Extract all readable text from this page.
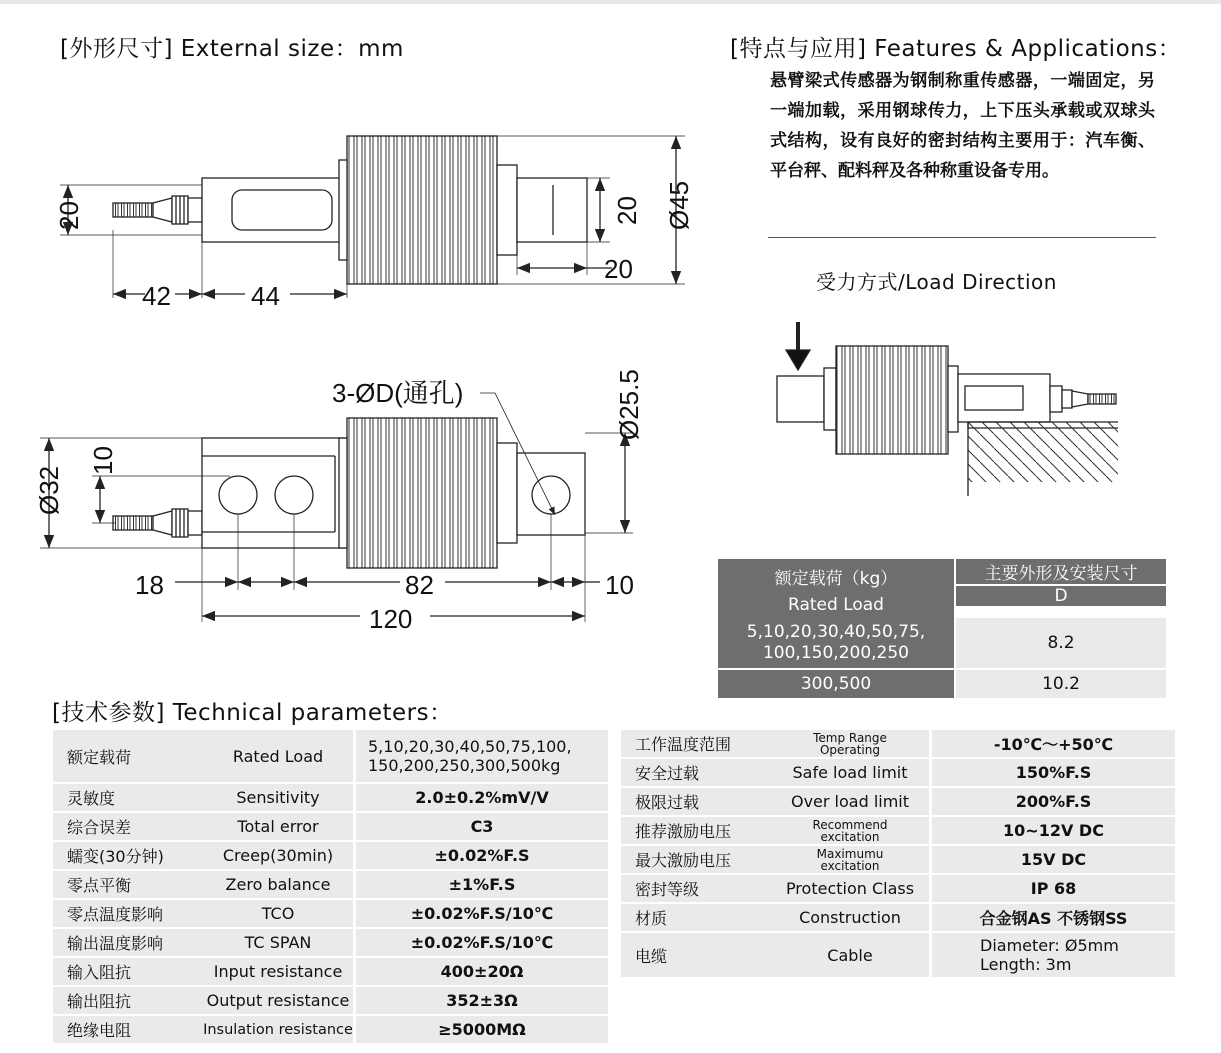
[外形尺寸] External size：mm	[特点与应用] Features & Applications：
[技术参数] Technical parameters：
悬臂梁式传感器为钢制称重传感器，一端固定，另一端加载，采用钢球传力，上下压头承载或双球头式结构，设有良好的密封结构主要用于：汽车衡、平台秤、配料秤及各种称重设备专用。
受力方式/Load Direction
20
42	44
20 Ø45
20
3-ØD(通孔)	Ø25.5
Ø32
10
18	82	10
120
额定载荷（kg）
Rated Load
主要外形及安装尺寸
D
5,10,20,30,40,50,75,
100,150,200,250	8.2
300,500	10.2
额定载荷	Rated Load	5,10,20,30,40,50,75,100,
150,200,250,300,500kg
灵敏度	Sensitivity	2.0±0.2%mV/V
综合误差	Total error	C3
蠕变(30分钟)	Creep(30min)	±0.02%F.S
零点平衡	Zero balance	±1%F.S
零点温度影响	TCO	±0.02%F.S/10℃
输出温度影响	TC SPAN	±0.02%F.S/10℃
输入阻抗	Input resistance	400±20Ω
输出阻抗	Output resistance	352±3Ω
绝缘电阻	Insulation resistance	≥5000MΩ
工作温度范围	Temp Range
Operating	-10℃～+50℃
安全过载	Safe load limit	150%F.S
极限过载	Over load limit	200%F.S
推荐激励电压	Recommend
excitation	10~12V DC
最大激励电压	Maximumu
excitation	15V DC
密封等级	Protection Class	IP 68
材质	Construction	合金钢AS 不锈钢SS
电缆	Cable	Diameter: Ø5mm
Length: 3m
